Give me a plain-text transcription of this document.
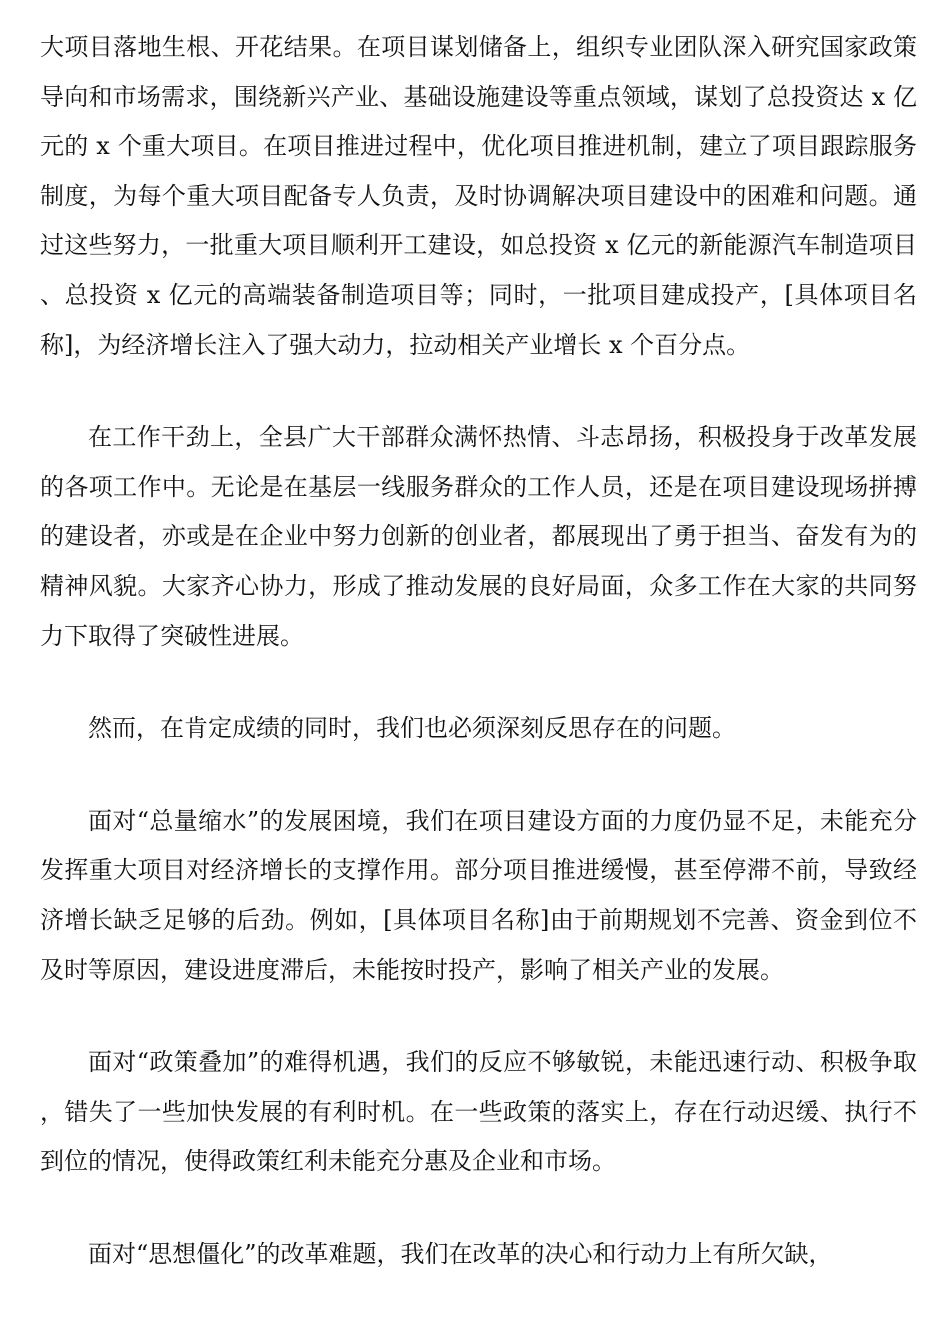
大项目落地生根、开花结果。在项目谋划储备上，组织专业团队深入研究国家政策导向和市场需求，围绕新兴产业、基础设施建设等重点领域，谋划了总投资达 x 亿元的 x 个重大项目。在项目推进过程中，优化项目推进机制，建立了项目跟踪服务制度，为每个重大项目配备专人负责，及时协调解决项目建设中的困难和问题。通过这些努力，一批重大项目顺利开工建设，如总投资 x 亿元的新能源汽车制造项目、总投资 x 亿元的高端装备制造项目等；同时，一批项目建成投产，[具体项目名称]，为经济增长注入了强大动力，拉动相关产业增长 x 个百分点。

在工作干劲上，全县广大干部群众满怀热情、斗志昂扬，积极投身于改革发展的各项工作中。无论是在基层一线服务群众的工作人员，还是在项目建设现场拼搏的建设者，亦或是在企业中努力创新的创业者，都展现出了勇于担当、奋发有为的精神风貌。大家齐心协力，形成了推动发展的良好局面，众多工作在大家的共同努力下取得了突破性进展。

然而，在肯定成绩的同时，我们也必须深刻反思存在的问题。

面对“总量缩水”的发展困境，我们在项目建设方面的力度仍显不足，未能充分发挥重大项目对经济增长的支撑作用。部分项目推进缓慢，甚至停滞不前，导致经济增长缺乏足够的后劲。例如，[具体项目名称]由于前期规划不完善、资金到位不及时等原因，建设进度滞后，未能按时投产，影响了相关产业的发展。

面对“政策叠加”的难得机遇，我们的反应不够敏锐，未能迅速行动、积极争取，错失了一些加快发展的有利时机。在一些政策的落实上，存在行动迟缓、执行不到位的情况，使得政策红利未能充分惠及企业和市场。

面对“思想僵化”的改革难题，我们在改革的决心和行动力上有所欠缺，
